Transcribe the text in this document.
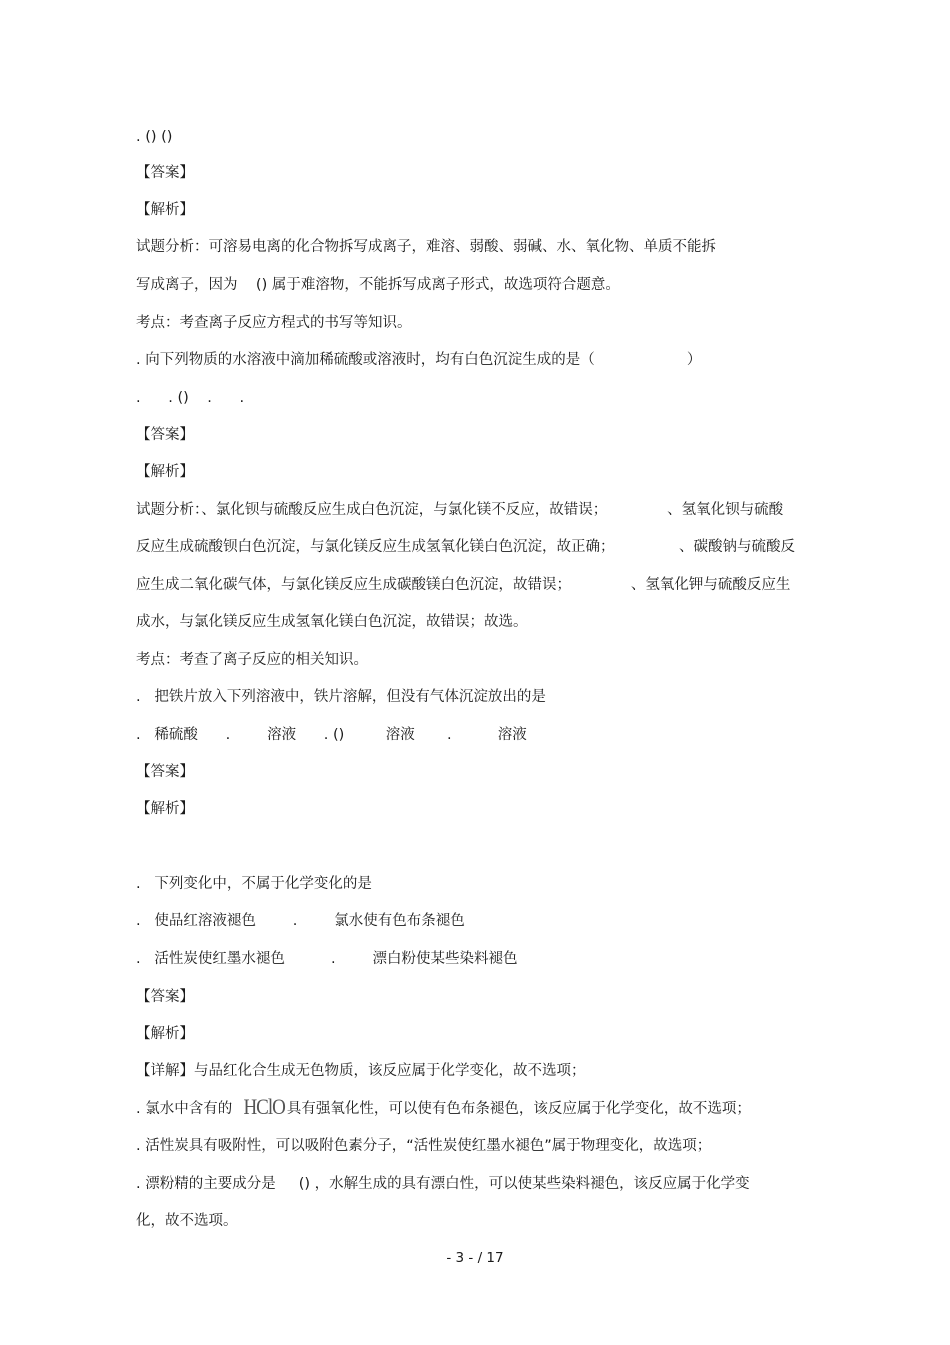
. () ()
【答案】
【解析】
试题分析：可溶易电离的化合物拆写成离子，难溶、弱酸、弱碱、水、氧化物、单质不能拆
写成离子，因为    () 属于难溶物，不能拆写成离子形式，故选项符合题意。
考点：考查离子反应方程式的书写等知识。
. 向下列物质的水溶液中滴加稀硫酸或溶液时，均有白色沉淀生成的是（                    ）
.      . ()    .      .
【答案】
【解析】
试题分析：、氯化钡与硫酸反应生成白色沉淀，与氯化镁不反应，故错误；             、氢氧化钡与硫酸
反应生成硫酸钡白色沉淀，与氯化镁反应生成氢氧化镁白色沉淀，故正确；              、碳酸钠与硫酸反
应生成二氧化碳气体，与氯化镁反应生成碳酸镁白色沉淀，故错误；             、氢氧化钾与硫酸反应生
成水，与氯化镁反应生成氢氧化镁白色沉淀，故错误；故选。
考点：考查了离子反应的相关知识。
.   把铁片放入下列溶液中，铁片溶解，但没有气体沉淀放出的是
.   稀硫酸      .        溶液      . ()         溶液       .          溶液
【答案】
【解析】
.   下列变化中，不属于化学变化的是
.   使品红溶液褪色        .        氯水使有色布条褪色
.   活性炭使红墨水褪色          .        漂白粉使某些染料褪色
【答案】
【解析】
【详解】与品红化合生成无色物质，该反应属于化学变化，故不选项；
. 氯水中含有的 HClO 具有强氧化性，可以使有色布条褪色，该反应属于化学变化，故不选项；
. 活性炭具有吸附性，可以吸附色素分子，“活性炭使红墨水褪色”属于物理变化，故选项；
. 漂粉精的主要成分是     () ，水解生成的具有漂白性，可以使某些染料褪色，该反应属于化学变
化，故不选项。
- 3 - / 17
